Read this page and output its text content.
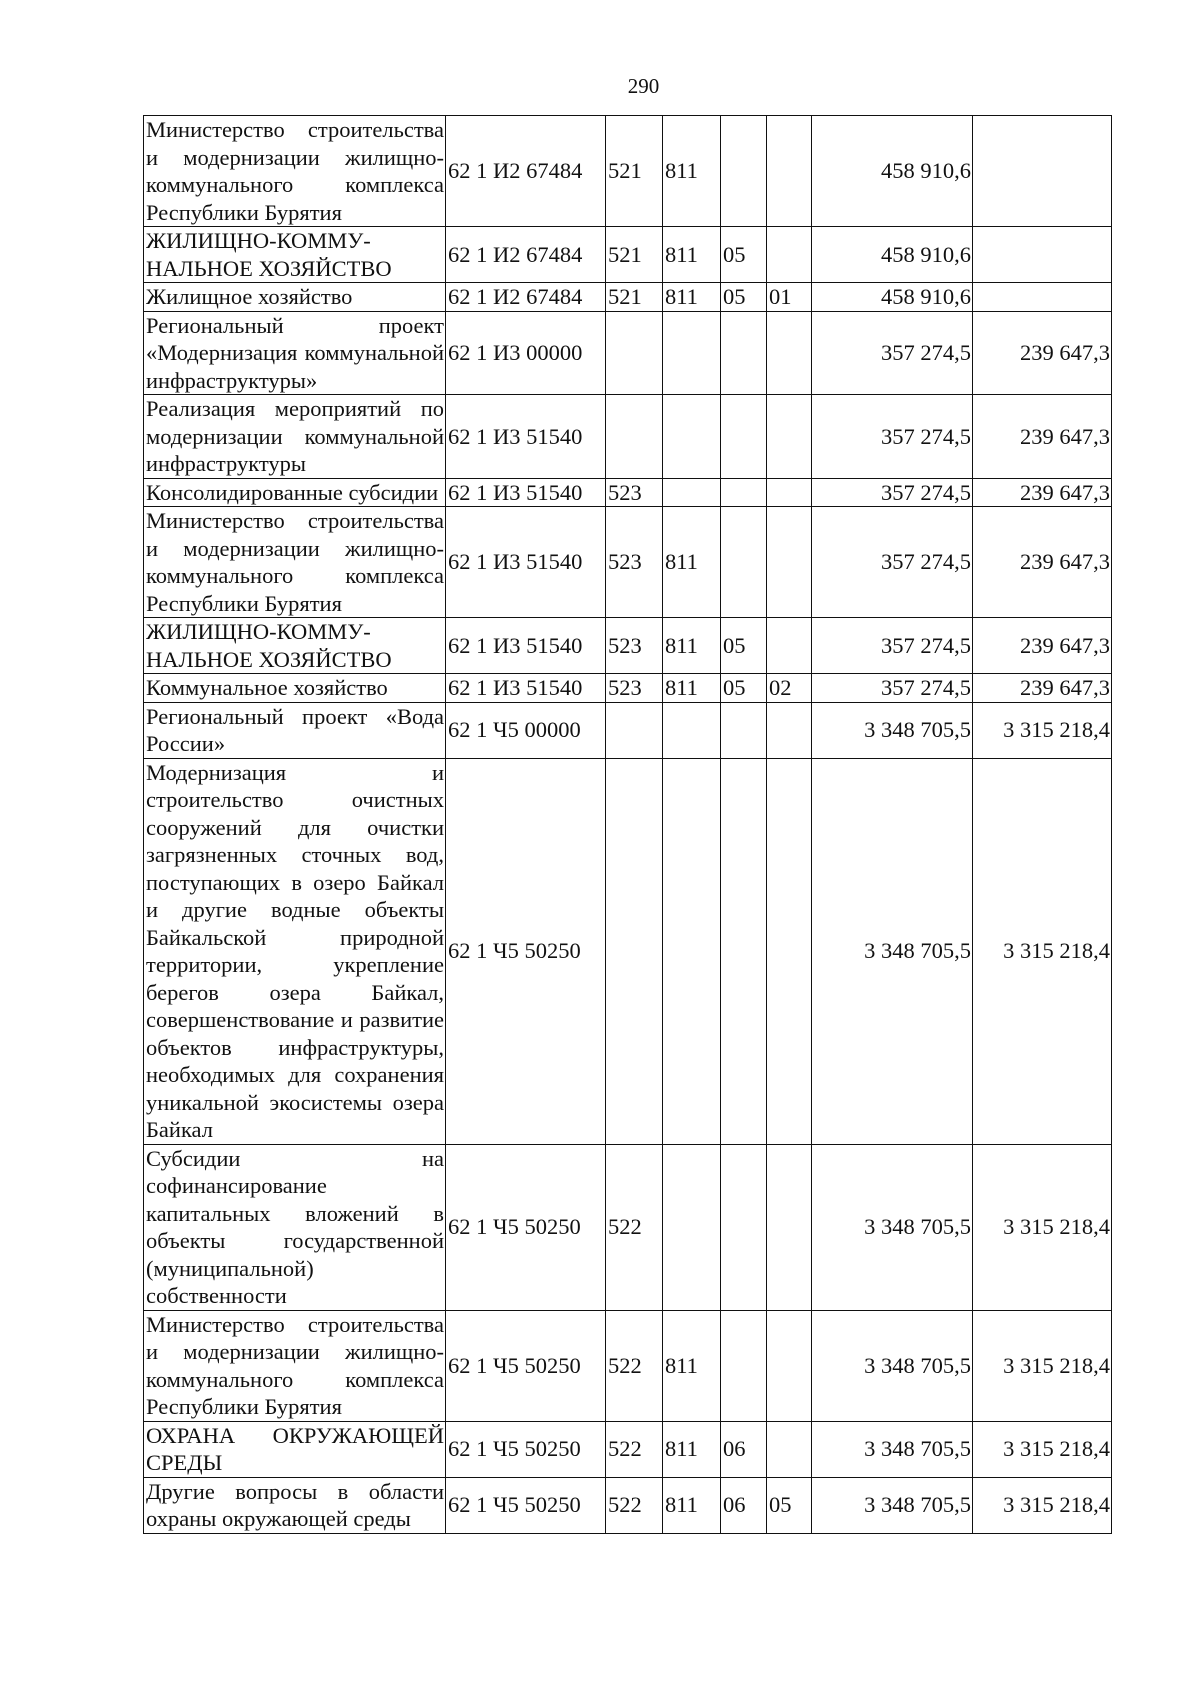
290
Министерство строительства и модернизации жилищно-коммунального комплекса Республики Бурятия	62 1 И2 67484	521	811			458 910,6	
ЖИЛИЩНО-КОММУ-
НАЛЬНОЕ ХОЗЯЙСТВО	62 1 И2 67484	521	811	05		458 910,6	
Жилищное хозяйство	62 1 И2 67484	521	811	05	01	458 910,6	
Региональный проект «Модернизация коммунальной инфраструктуры»	62 1 И3 00000					357 274,5	239 647,3
Реализация мероприятий по модернизации коммунальной инфраструктуры	62 1 И3 51540					357 274,5	239 647,3
Консолидированные субсидии	62 1 И3 51540	523				357 274,5	239 647,3
Министерство строительства и модернизации жилищно-коммунального комплекса Республики Бурятия	62 1 И3 51540	523	811			357 274,5	239 647,3
ЖИЛИЩНО-КОММУ-
НАЛЬНОЕ ХОЗЯЙСТВО	62 1 И3 51540	523	811	05		357 274,5	239 647,3
Коммунальное хозяйство	62 1 И3 51540	523	811	05	02	357 274,5	239 647,3
Региональный проект «Вода России»	62 1 Ч5 00000					3 348 705,5	3 315 218,4
Модернизация и строительство очистных сооружений для очистки загрязненных сточных вод, поступающих в озеро Байкал и другие водные объекты Байкальской природной территории, укрепление берегов озера Байкал, совершенствование и развитие объектов инфраструктуры, необходимых для сохранения уникальной экосистемы озера Байкал	62 1 Ч5 50250					3 348 705,5	3 315 218,4
Субсидии на софинансирование капитальных вложений в объекты государственной (муниципальной) собственности	62 1 Ч5 50250	522				3 348 705,5	3 315 218,4
Министерство строительства и модернизации жилищно-коммунального комплекса Республики Бурятия	62 1 Ч5 50250	522	811			3 348 705,5	3 315 218,4
ОХРАНА ОКРУЖАЮЩЕЙ СРЕДЫ	62 1 Ч5 50250	522	811	06		3 348 705,5	3 315 218,4
Другие вопросы в области охраны окружающей среды	62 1 Ч5 50250	522	811	06	05	3 348 705,5	3 315 218,4
